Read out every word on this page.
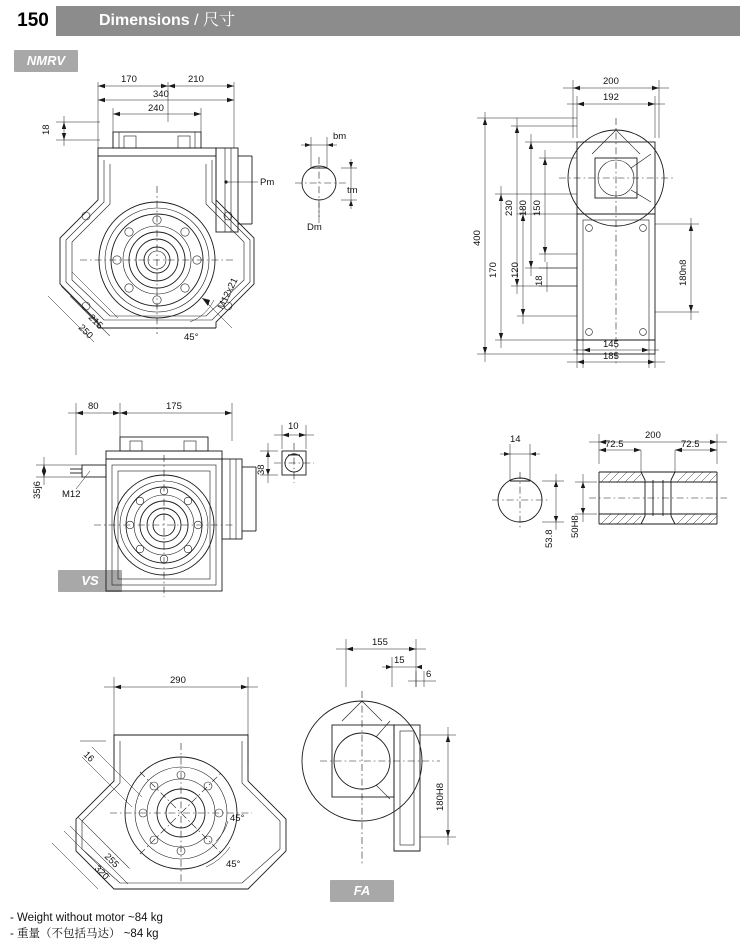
Dimensions / 尺寸
150
NMRV
VS
FA
170	210
340
240
18
Pm
215
250	45°
M12x21
bm
tm
Dm
200
192
230 180 150
400
170 120
18	180n8
145
185
80	175
35j6 M12
10
38
14
53.8
200
72.5	72.5
50H8
290
16
45°
45°
255
320
155
15
6
180H8
- Weight without motor ~84 kg
- 重量（不包括马达） ~84 kg
